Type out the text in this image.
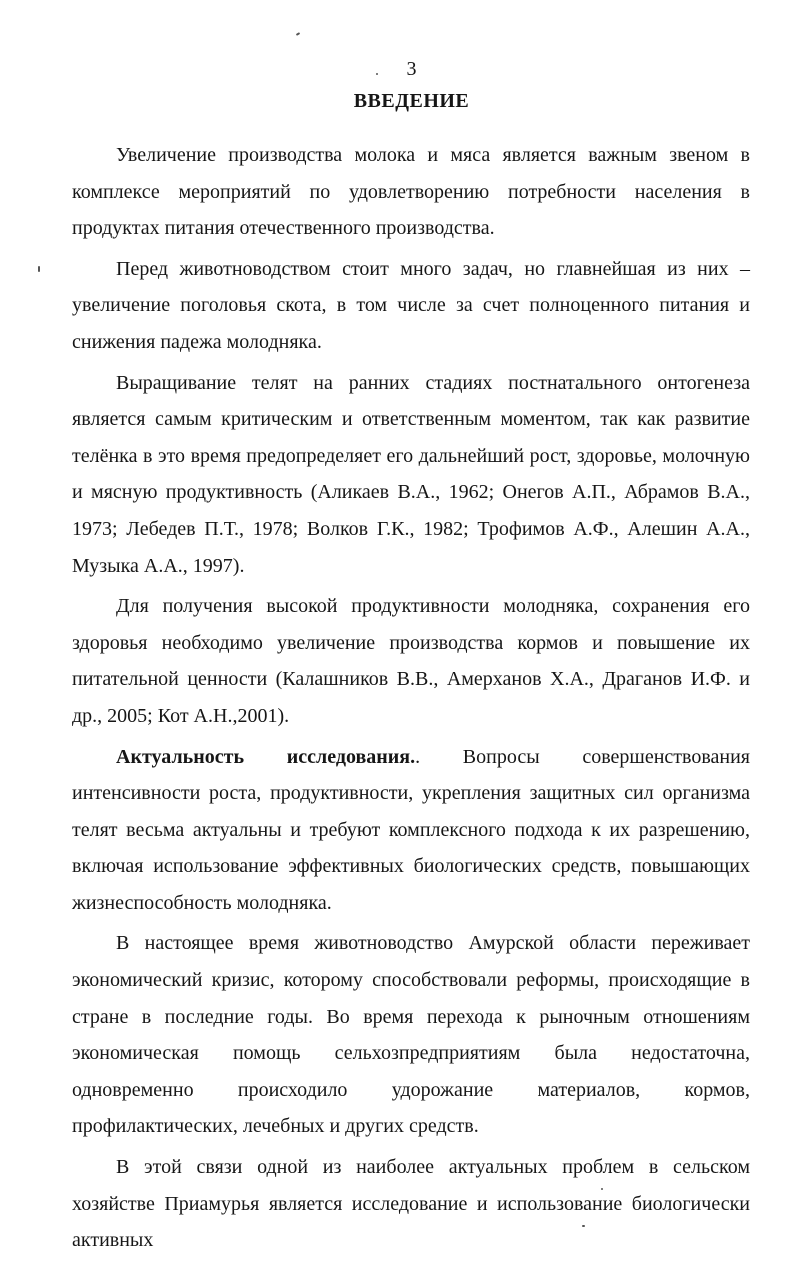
3
ВВЕДЕНИЕ

Увеличение производства молока и мяса является важным звеном в комплексе мероприятий по удовлетворению потребности населения в продуктах питания отечественного производства.

Перед животноводством стоит много задач, но главнейшая из них – увеличение поголовья скота, в том числе за счет полноценного питания и снижения падежа молодняка.

Выращивание телят на ранних стадиях постнатального онтогенеза является самым критическим и ответственным моментом, так как развитие телёнка в это время предопределяет его дальнейший рост, здоровье, молочную и мясную продуктивность (Аликаев В.А., 1962; Онегов А.П., Абрамов В.А., 1973; Лебедев П.Т., 1978; Волков Г.К., 1982; Трофимов А.Ф., Алешин А.А., Музыка А.А., 1997).

Для получения высокой продуктивности молодняка, сохранения его здоровья необходимо увеличение производства кормов и повышение их питательной ценности (Калашников В.В., Амерханов Х.А., Драганов И.Ф. и др., 2005; Кот А.Н.,2001).

Актуальность исследования.. Вопросы совершенствования интенсивности роста, продуктивности, укрепления защитных сил организма телят весьма актуальны и требуют комплексного подхода к их разрешению, включая использование эффективных биологических средств, повышающих жизнеспособность молодняка.

В настоящее время животноводство Амурской области переживает экономический кризис, которому способствовали реформы, происходящие в стране в последние годы. Во время перехода к рыночным отношениям экономическая помощь сельхозпредприятиям была недостаточна, одновременно происходило удорожание материалов, кормов, профилактических, лечебных и других средств.

В этой связи одной из наиболее актуальных проблем в сельском хозяйстве Приамурья является исследование и использование биологически активных
